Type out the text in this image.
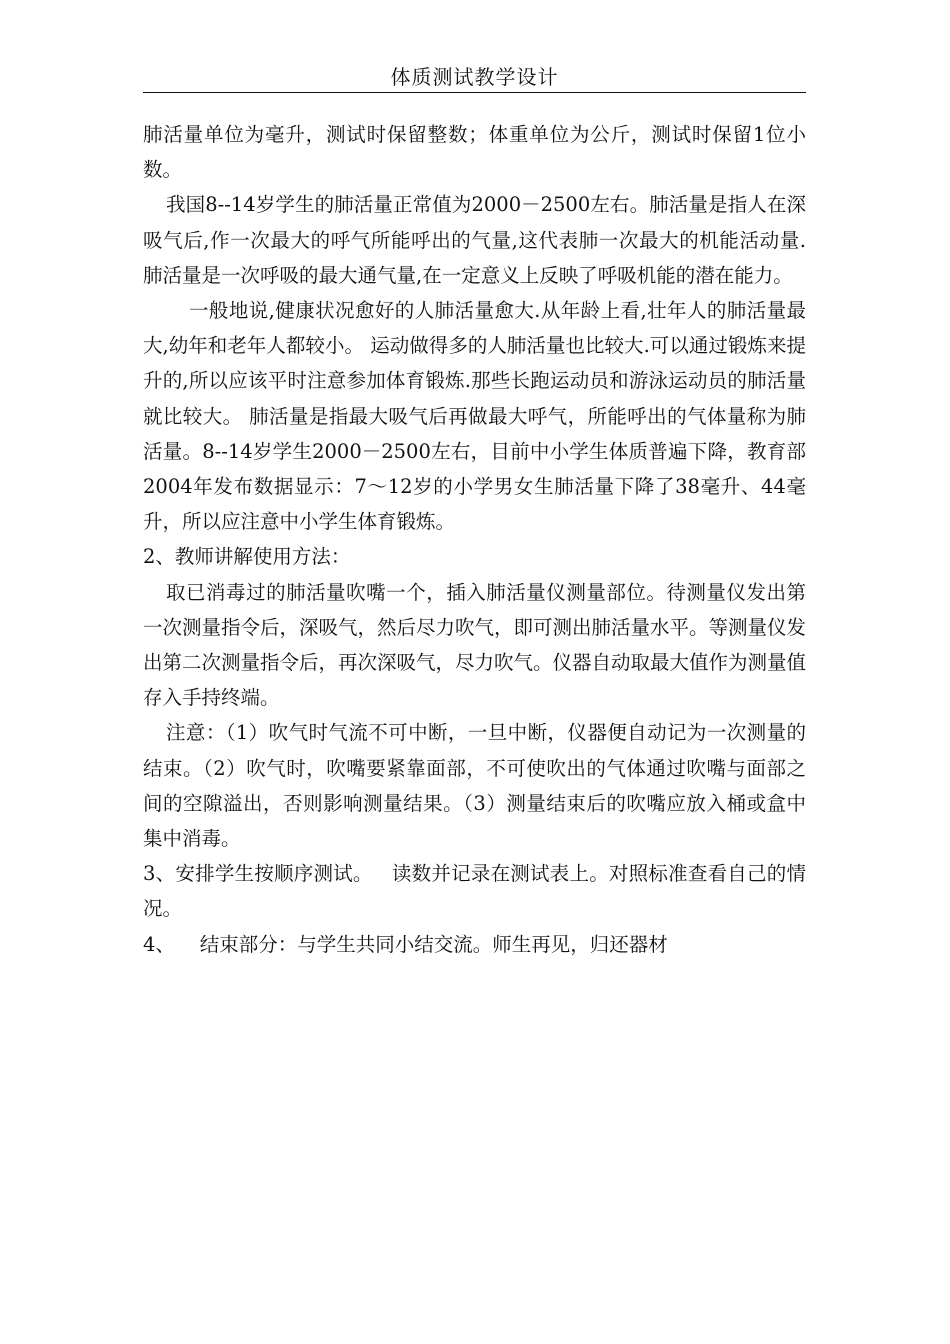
体质测试教学设计

肺活量单位为毫升，测试时保留整数；体重单位为公斤，测试时保留1位小数。

我国8--14岁学生的肺活量正常值为2000－2500左右。肺活量是指人在深吸气后,作一次最大的呼气所能呼出的气量,这代表肺一次最大的机能活动量. 肺活量是一次呼吸的最大通气量,在一定意义上反映了呼吸机能的潜在能力。

一般地说,健康状况愈好的人肺活量愈大.从年龄上看,壮年人的肺活量最大,幼年和老年人都较小。 运动做得多的人肺活量也比较大.可以通过锻炼来提升的,所以应该平时注意参加体育锻炼.那些长跑运动员和游泳运动员的肺活量就比较大。 肺活量是指最大吸气后再做最大呼气，所能呼出的气体量称为肺活量。8--14岁学生2000－2500左右，目前中小学生体质普遍下降，教育部2004年发布数据显示：7～12岁的小学男女生肺活量下降了38毫升、44毫升，所以应注意中小学生体育锻炼。

2、教师讲解使用方法：

取已消毒过的肺活量吹嘴一个，插入肺活量仪测量部位。待测量仪发出第一次测量指令后，深吸气，然后尽力吹气，即可测出肺活量水平。等测量仪发出第二次测量指令后，再次深吸气，尽力吹气。仪器自动取最大值作为测量值存入手持终端。

注意：（1）吹气时气流不可中断，一旦中断，仪器便自动记为一次测量的结束。（2）吹气时，吹嘴要紧靠面部，不可使吹出的气体通过吹嘴与面部之间的空隙溢出，否则影响测量结果。（3）测量结束后的吹嘴应放入桶或盒中集中消毒。

3、安排学生按顺序测试。   读数并记录在测试表上。对照标准查看自己的情况。

4、    结束部分：与学生共同小结交流。师生再见，归还器材
